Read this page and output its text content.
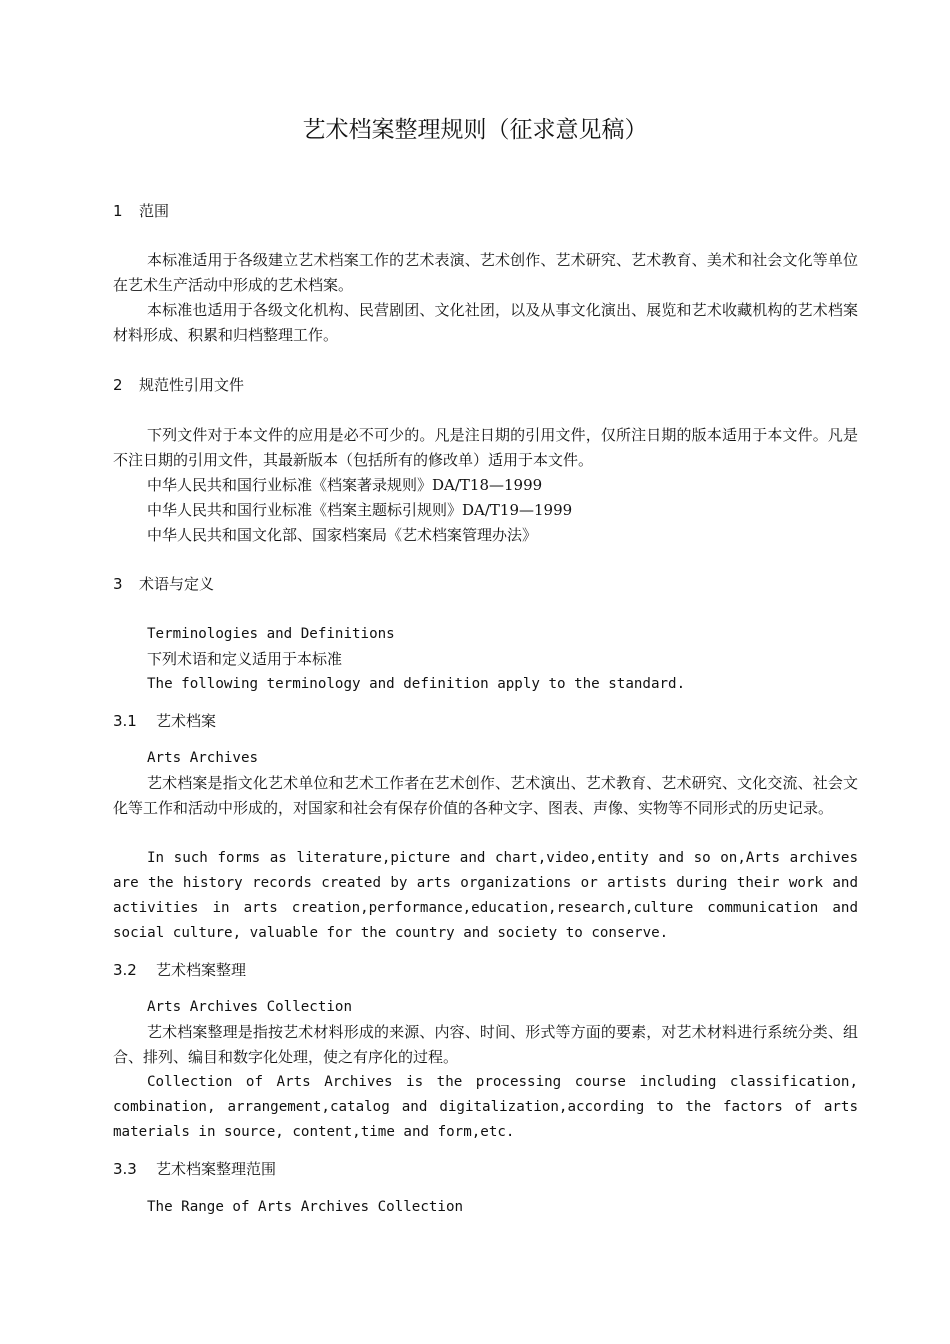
艺术档案整理规则（征求意见稿）
1 范围

本标准适用于各级建立艺术档案工作的艺术表演、艺术创作、艺术研究、艺术教育、美术和社会文化等单位在艺术生产活动中形成的艺术档案。

本标准也适用于各级文化机构、民营剧团、文化社团，以及从事文化演出、展览和艺术收藏机构的艺术档案材料形成、积累和归档整理工作。

2 规范性引用文件

下列文件对于本文件的应用是必不可少的。凡是注日期的引用文件，仅所注日期的版本适用于本文件。凡是不注日期的引用文件，其最新版本（包括所有的修改单）适用于本文件。

中华人民共和国行业标准《档案著录规则》DA/T18—1999

中华人民共和国行业标准《档案主题标引规则》DA/T19—1999

中华人民共和国文化部、国家档案局《艺术档案管理办法》

3 术语与定义

Terminologies and Definitions

下列术语和定义适用于本标准

The following terminology and definition apply to the standard.

3.1 艺术档案

Arts Archives

艺术档案是指文化艺术单位和艺术工作者在艺术创作、艺术演出、艺术教育、艺术研究、文化交流、社会文化等工作和活动中形成的，对国家和社会有保存价值的各种文字、图表、声像、实物等不同形式的历史记录。

In such forms as literature,picture and chart,video,entity and so on,Arts archives are the history records created by arts organizations or artists during their work and activities in arts creation,performance,education,research,culture communication and social culture, valuable for the country and society to conserve.

3.2 艺术档案整理

Arts Archives Collection

艺术档案整理是指按艺术材料形成的来源、内容、时间、形式等方面的要素，对艺术材料进行系统分类、组合、排列、编目和数字化处理，使之有序化的过程。

Collection of Arts Archives is the processing course including classification, combination, arrangement,catalog and digitalization,according to the factors of arts materials in source, content,time and form,etc.

3.3 艺术档案整理范围

The Range of Arts Archives Collection
